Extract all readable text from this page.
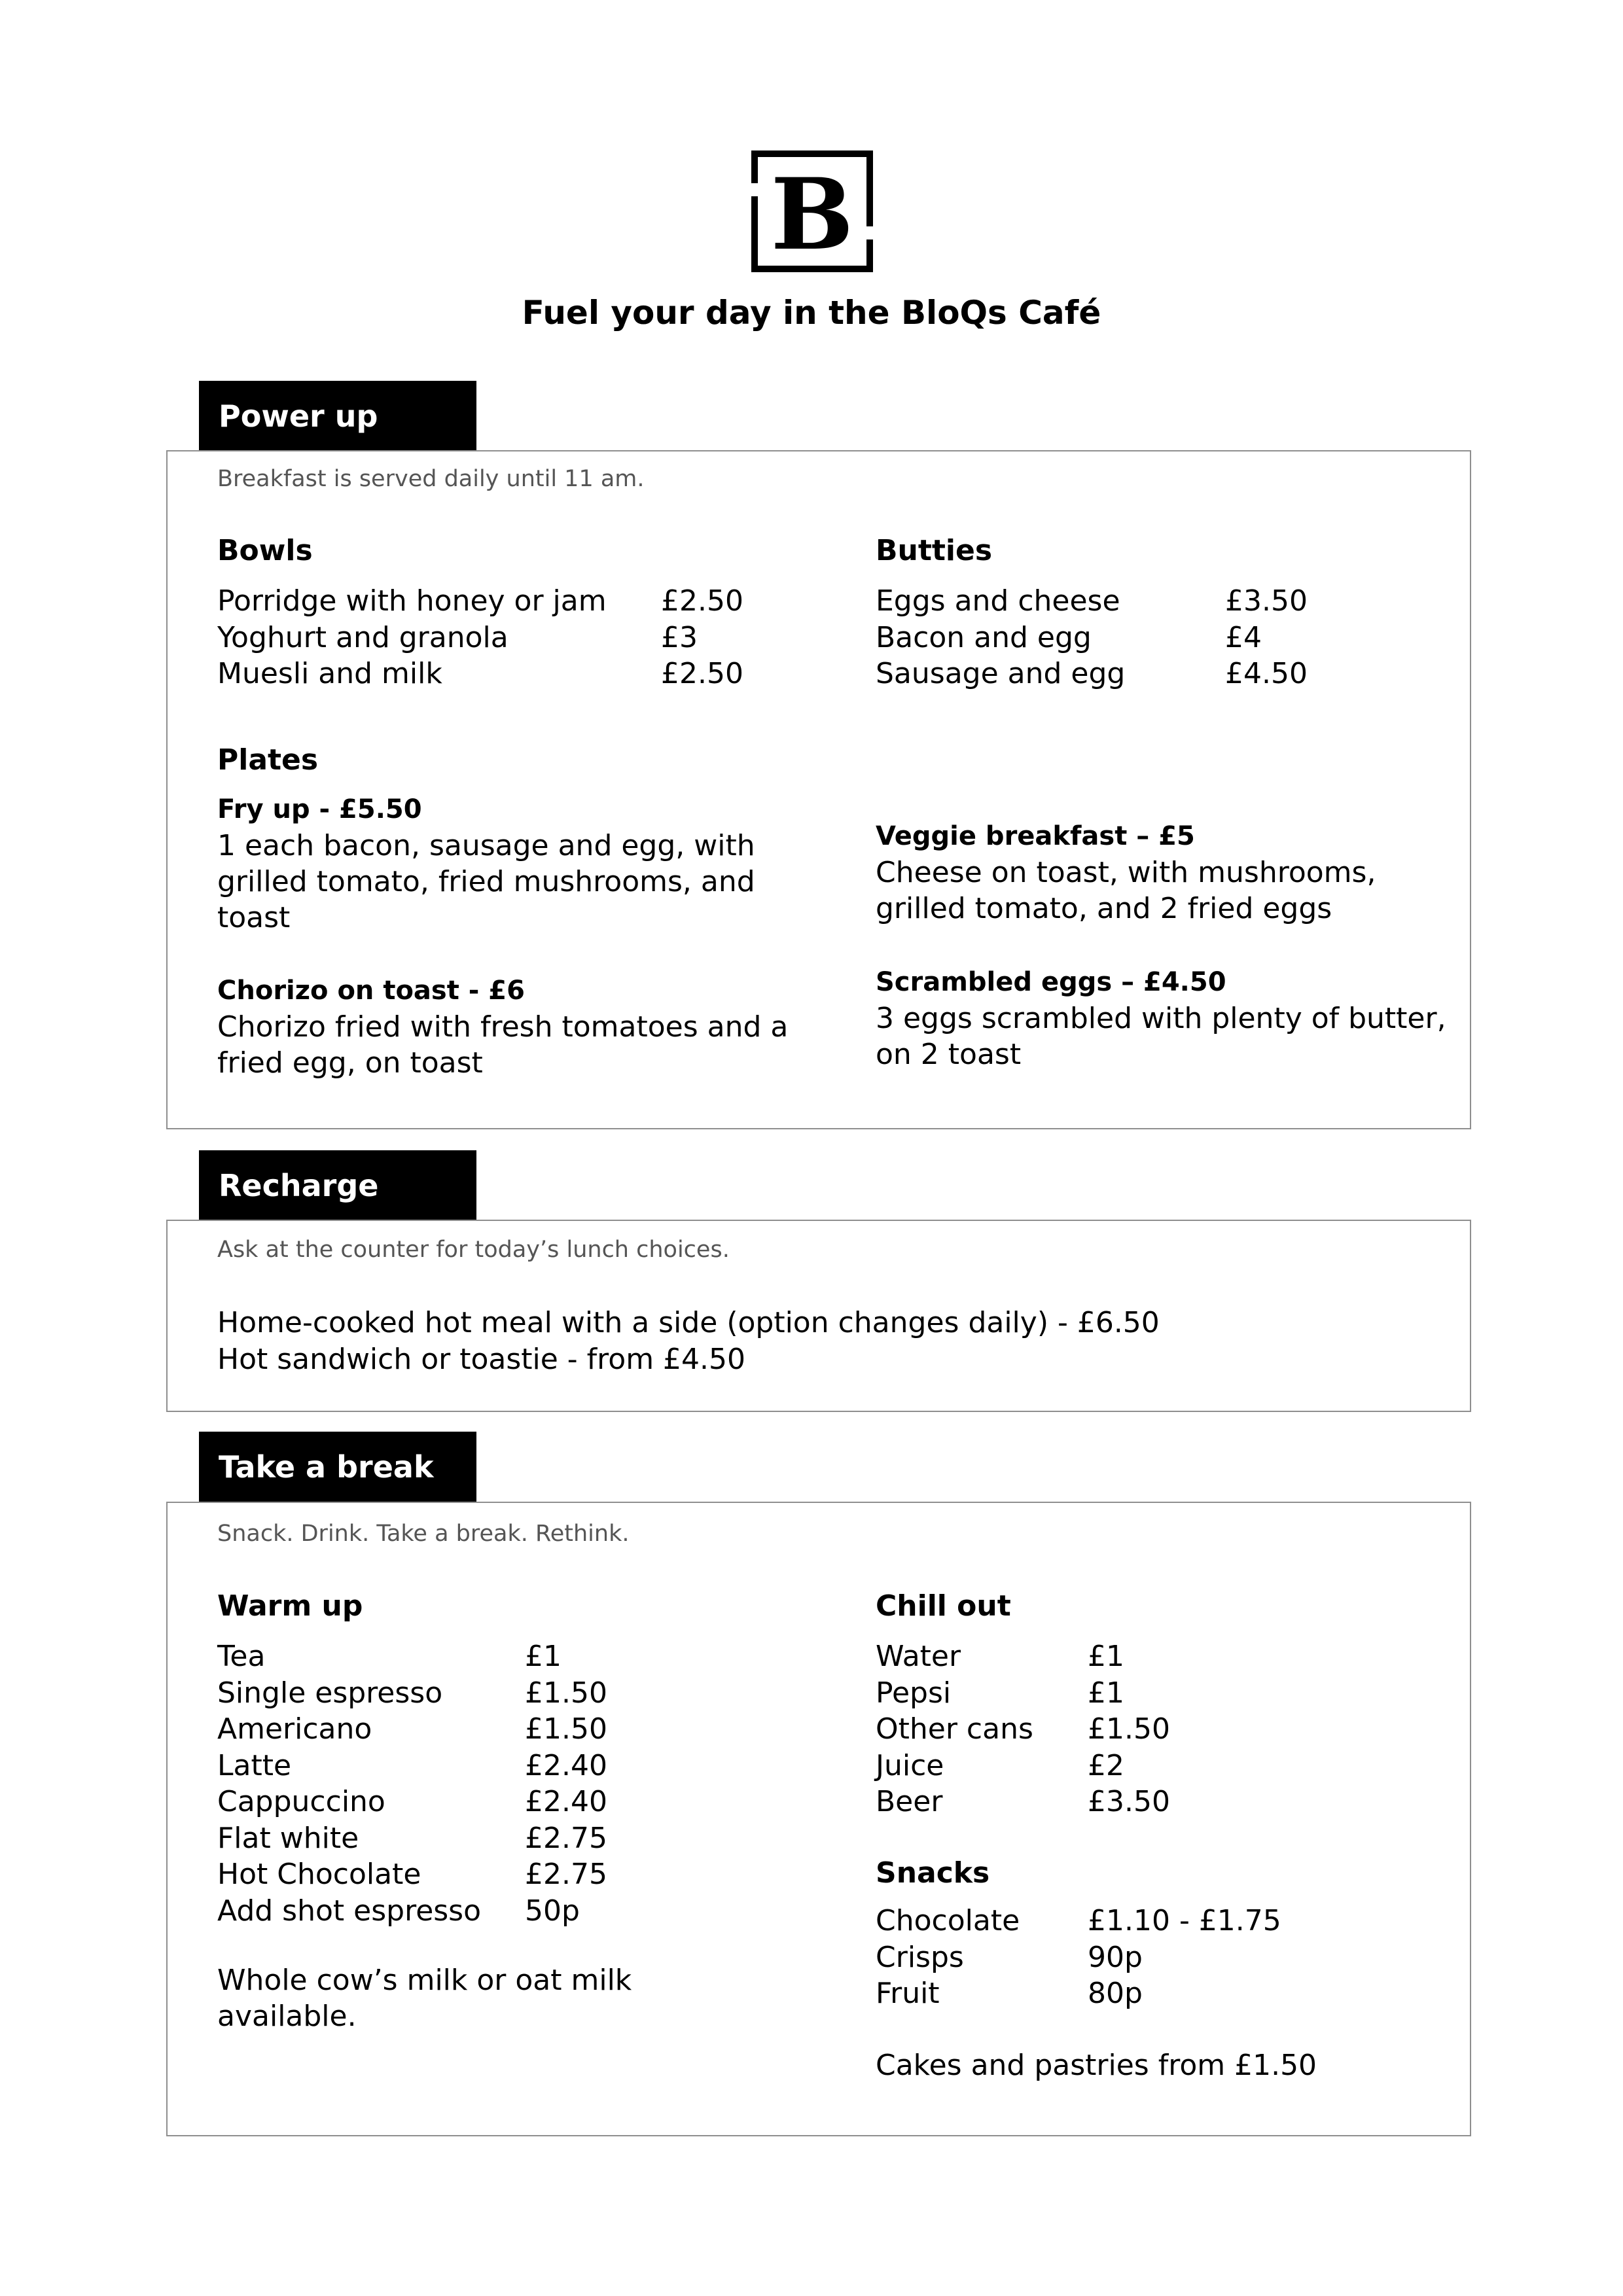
B
Fuel your day in the BloQs Café
Power up
Breakfast is served daily until 11 am.
Bowls
Porridge with honey or jam	£2.50
Yoghurt and granola	£3
Muesli and milk	£2.50
Butties
Eggs and cheese	£3.50
Bacon and egg	£4
Sausage and egg	£4.50
Plates
Fry up - £5.50
1 each bacon, sausage and egg, with grilled tomato, fried mushrooms, and toast
Chorizo on toast - £6
Chorizo fried with fresh tomatoes and a fried egg, on toast
Veggie breakfast – £5
Cheese on toast, with mushrooms, grilled tomato, and 2 fried eggs
Scrambled eggs – £4.50
3 eggs scrambled with plenty of butter, on 2 toast
Recharge
Ask at the counter for today’s lunch choices.
Home-cooked hot meal with a side (option changes daily) - £6.50
Hot sandwich or toastie - from £4.50
Take a break
Snack. Drink. Take a break. Rethink.
Warm up
Tea	£1
Single espresso	£1.50
Americano	£1.50
Latte	£2.40
Cappuccino	£2.40
Flat white	£2.75
Hot Chocolate	£2.75
Add shot espresso	50p
Whole cow’s milk or oat milk available.
Chill out
Water	£1
Pepsi	£1
Other cans	£1.50
Juice	£2
Beer	£3.50
Snacks
Chocolate	£1.10 - £1.75
Crisps	90p
Fruit	80p
Cakes and pastries from £1.50
